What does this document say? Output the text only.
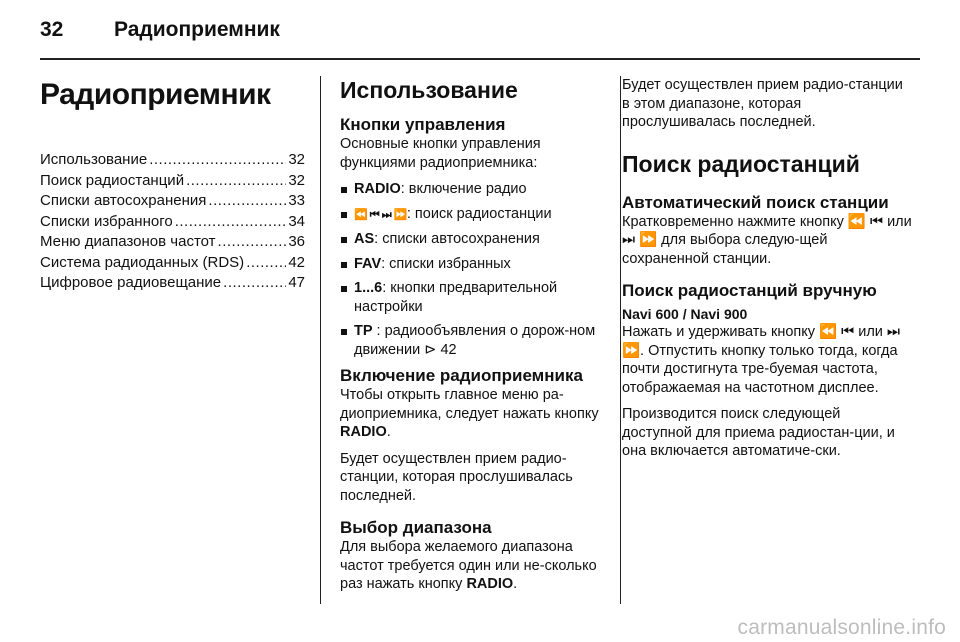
32 Радиоприемник
Радиоприемник
Использование .....	32
Поиск радиостанций .....	32
Списки автосохранения .....	33
Списки избранного .....	34
Меню диапазонов частот .....	36
Система радиоданных (RDS) .....	42
Цифровое радиовещание .....	47
Использование
Кнопки управления
Основные кнопки управления функциями радиоприемника:
RADIO: включение радио
⏪ ⏮ ⏭ ⏩: поиск радиостанции
AS: списки автосохранения
FAV: списки избранных
1...6: кнопки предварительной настройки
TP : радиообъявления о дорож-ном движении ⊳ 42
Включение радиоприемника
Чтобы открыть главное меню ра-диоприемника, следует нажать кнопку RADIO.
Будет осуществлен прием радио-станции, которая прослушивалась последней.
Выбор диапазона
Для выбора желаемого диапазона частот требуется один или не-сколько раз нажать кнопку RADIO.
Будет осуществлен прием радио-станции в этом диапазоне, которая прослушивалась последней.
Поиск радиостанций
Автоматический поиск станции
Кратковременно нажмите кнопку ⏪ ⏮ или ⏭ ⏩ для выбора следую-щей сохраненной станции.
Поиск радиостанций вручную
Navi 600 / Navi 900
Нажать и удерживать кнопку ⏪ ⏮ или ⏭ ⏩. Отпустить кнопку только тогда, когда почти достигнута тре-буемая частота, отображаемая на частотном дисплее.
Производится поиск следующей доступной для приема радиостан-ции, и она включается автоматиче-ски.
carmanualsonline.info
